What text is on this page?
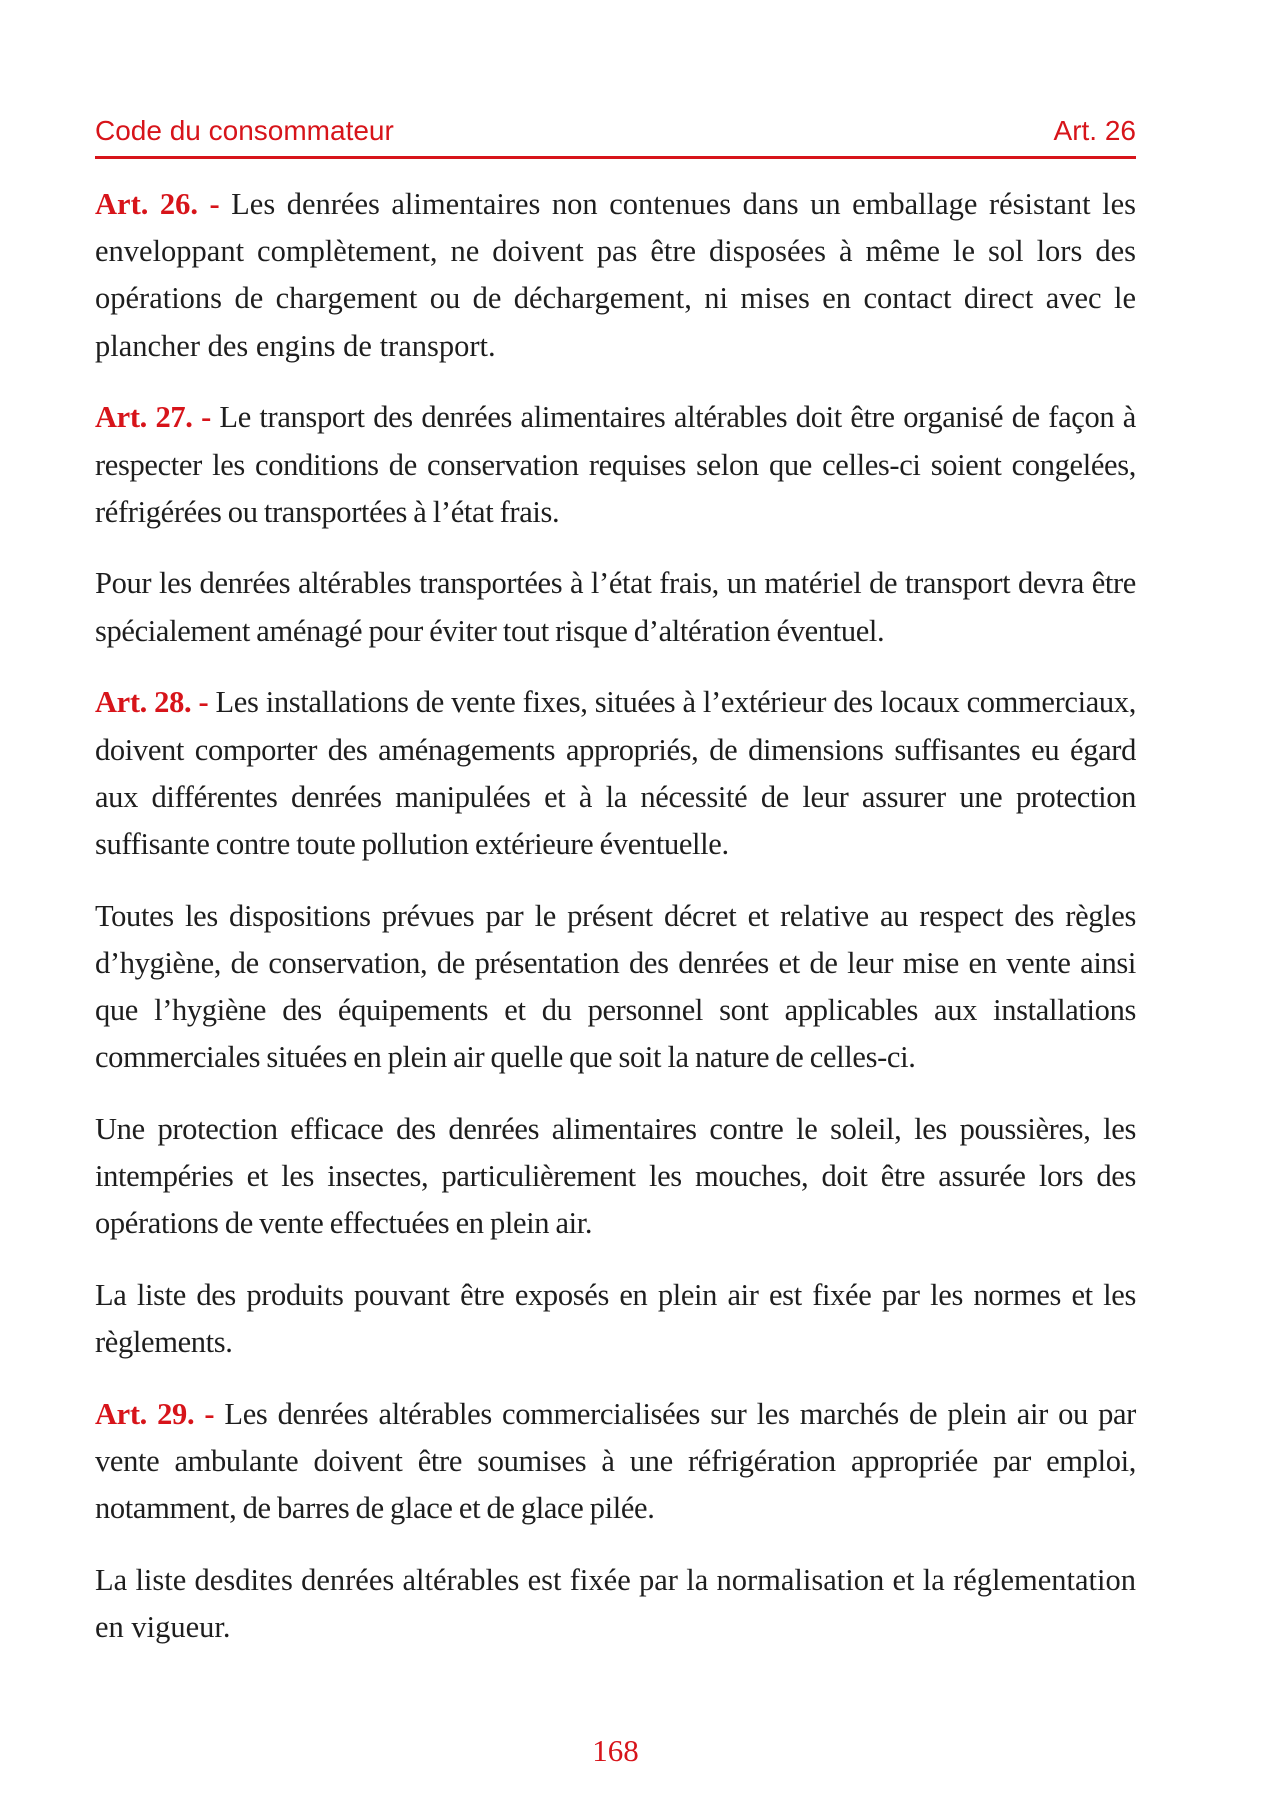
Code du consommateur	Art. 26

Art. 26. - Les denrées alimentaires non contenues dans un emballage résistant les enveloppant complètement, ne doivent pas être disposées à même le sol lors des opérations de chargement ou de déchargement, ni mises en contact direct avec le plancher des engins de transport.

Art. 27. - Le transport des denrées alimentaires altérables doit être organisé de façon à respecter les conditions de conservation requises selon que celles-ci soient congelées, réfrigérées ou transportées à l’état frais.

Pour les denrées altérables transportées à l’état frais, un matériel de transport devra être spécialement aménagé pour éviter tout risque d’altération éventuel.

Art. 28. - Les installations de vente fixes, situées à l’extérieur des locaux commerciaux, doivent comporter des aménagements appropriés, de dimensions suffisantes eu égard aux différentes denrées manipulées et à la nécessité de leur assurer une protection suffisante contre toute pollution extérieure éventuelle.

Toutes les dispositions prévues par le présent décret et relative au respect des règles d’hygiène, de conservation, de présentation des denrées et de leur mise en vente ainsi que l’hygiène des équipements et du personnel sont applicables aux installations commerciales situées en plein air quelle que soit la nature de celles-ci.

Une protection efficace des denrées alimentaires contre le soleil, les poussières, les intempéries et les insectes, particulièrement les mouches, doit être assurée lors des opérations de vente effectuées en plein air.

La liste des produits pouvant être exposés en plein air est fixée par les normes et les règlements.

Art. 29. - Les denrées altérables commercialisées sur les marchés de plein air ou par vente ambulante doivent être soumises à une réfrigération appropriée par emploi, notamment, de barres de glace et de glace pilée.

La liste desdites denrées altérables est fixée par la normalisation et la réglementation en vigueur.

168
